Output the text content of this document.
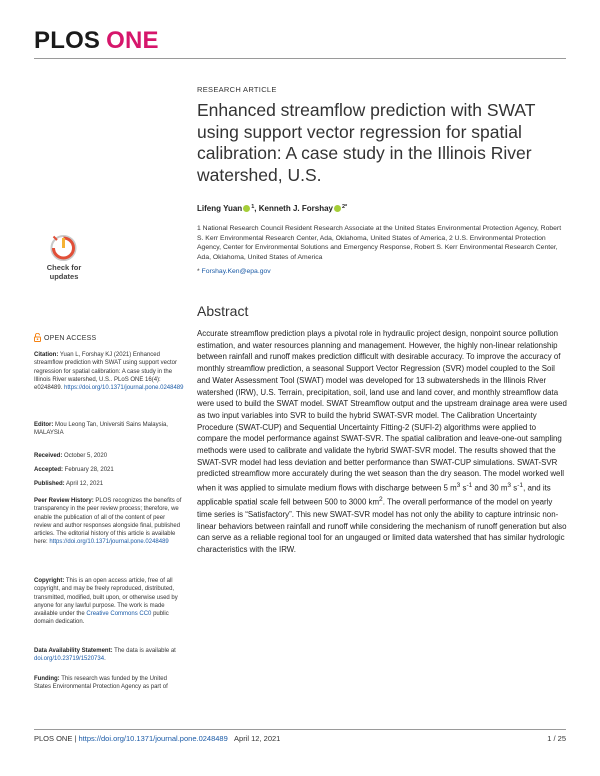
PLOS ONE
RESEARCH ARTICLE
Enhanced streamflow prediction with SWAT using support vector regression for spatial calibration: A case study in the Illinois River watershed, U.S.
Lifeng Yuan $^1$, Kenneth J. Forshay $^{2*}$
1 National Research Council Resident Research Associate at the United States Environmental Protection Agency, Robert S. Kerr Environmental Research Center, Ada, Oklahoma, United States of America, 2 U.S. Environmental Protection Agency, Center for Environmental Solutions and Emergency Response, Robert S. Kerr Environmental Research Center, Ada, Oklahoma, United States of America
* Forshay.Ken@epa.gov
Check for
updates
OPEN ACCESS
Citation: Yuan L, Forshay KJ (2021) Enhanced streamflow prediction with SWAT using support vector regression for spatial calibration: A case study in the Illinois River watershed, U.S.. PLoS ONE 16(4): e0248489. https://doi.org/10.1371/journal.pone.0248489
Editor: Mou Leong Tan, Universiti Sains Malaysia, MALAYSIA
Received: October 5, 2020
Accepted: February 28, 2021
Published: April 12, 2021
Peer Review History: PLOS recognizes the benefits of transparency in the peer review process; therefore, we enable the publication of all of the content of peer review and author responses alongside final, published articles. The editorial history of this article is available here: https://doi.org/10.1371/journal.pone.0248489
Copyright: This is an open access article, free of all copyright, and may be freely reproduced, distributed, transmitted, modified, built upon, or otherwise used by anyone for any lawful purpose. The work is made available under the Creative Commons CC0 public domain dedication.
Data Availability Statement: The data is available at doi.org/10.23719/1520734.
Funding: This research was funded by the United States Environmental Protection Agency as part of
Abstract

Accurate streamflow prediction plays a pivotal role in hydraulic project design, nonpoint source pollution estimation, and water resources planning and management. However, the highly non-linear relationship between rainfall and runoff makes prediction difficult with desirable accuracy. To improve the accuracy of monthly streamflow prediction, a seasonal Support Vector Regression (SVR) model coupled to the Soil and Water Assessment Tool (SWAT) model was developed for 13 subwatersheds in the Illinois River watershed (IRW), U.S. Terrain, precipitation, soil, land use and land cover, and monthly streamflow data were used to build the SWAT model. SWAT Streamflow output and the upstream drainage area were used as two input variables into SVR to build the hybrid SWAT-SVR model. The Calibration Uncertainty Procedure (SWAT-CUP) and Sequential Uncertainty Fitting-2 (SUFI-2) algorithms were applied to compare the model performance against SWAT-SVR. The spatial calibration and leave-one-out sampling methods were used to calibrate and validate the hybrid SWAT-SVR model. The results showed that the SWAT-SVR model had less deviation and better performance than SWAT-CUP simulations. SWAT-SVR predicted streamflow more accurately during the wet season than the dry season. The model worked well when it was applied to simulate medium flows with discharge between 5 $m^3$ $s^{-1}$ and 30 $m^3$ $s^{-1}$, and its applicable spatial scale fell between 500 to 3000 $km^2$. The overall performance of the model on yearly time series is “Satisfactory”. This new SWAT-SVR model has not only the ability to capture intrinsic non-linear behaviors between rainfall and runoff while considering the mechanism of runoff generation but also can serve as a reliable regional tool for an ungauged or limited data watershed that has similar hydrologic characteristics with the IRW.

PLOS ONE | https://doi.org/10.1371/journal.pone.0248489 April 12, 2021	1 / 25
